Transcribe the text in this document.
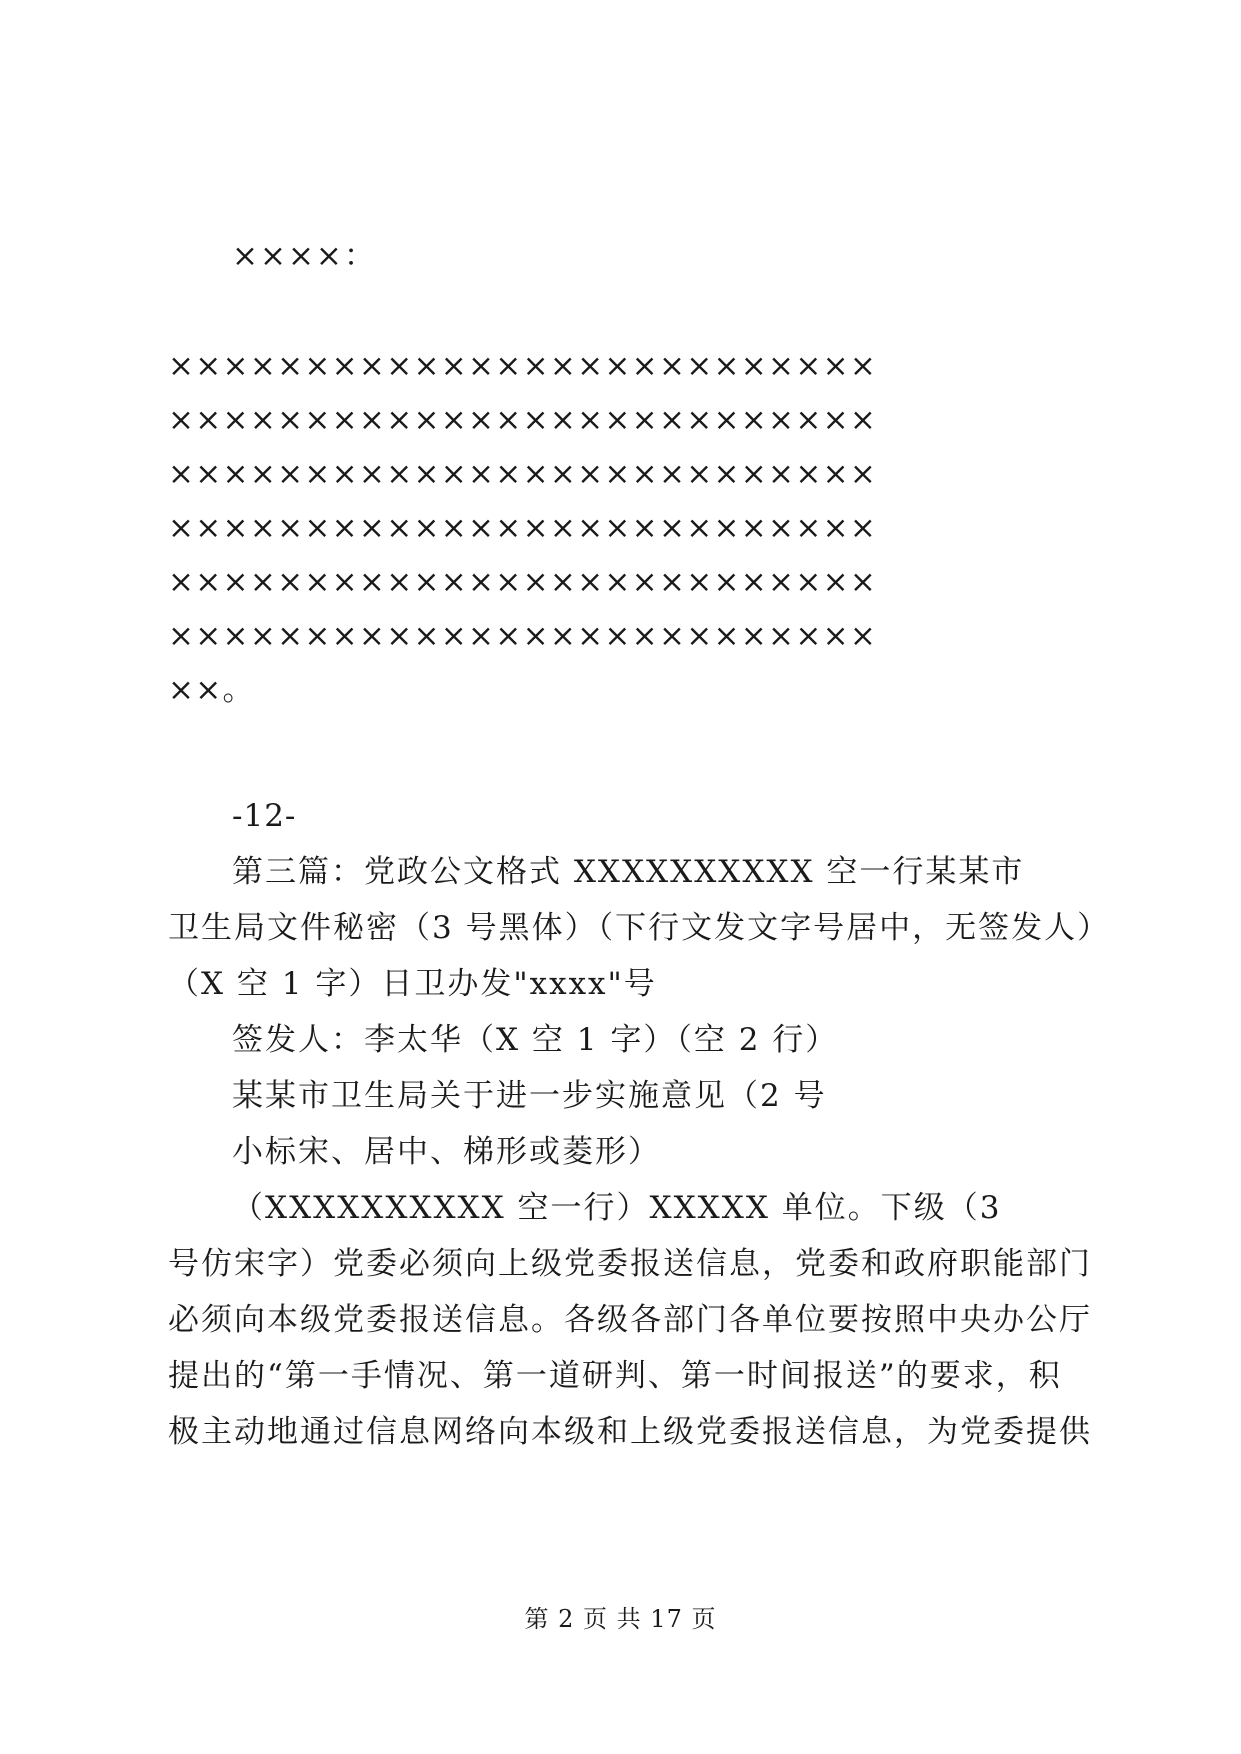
××××：
××××××××××××××××××××××××××
××××××××××××××××××××××××××
××××××××××××××××××××××××××
××××××××××××××××××××××××××
××××××××××××××××××××××××××
××××××××××××××××××××××××××
××。
-12-
第三篇：党政公文格式 XXXXXXXXXX 空一行某某市
卫生局文件秘密（3 号黑体）（下行文发文字号居中，无签发人）
（X 空 1 字）日卫办发"xxxx"号
签发人：李太华（X 空 1 字）（空 2 行）
某某市卫生局关于进一步实施意见（2 号
小标宋、居中、梯形或菱形）
（XXXXXXXXXX 空一行）XXXXX 单位。下级（3
号仿宋字）党委必须向上级党委报送信息，党委和政府职能部门
必须向本级党委报送信息。各级各部门各单位要按照中央办公厅
提出的“第一手情况、第一道研判、第一时间报送”的要求，积
极主动地通过信息网络向本级和上级党委报送信息，为党委提供
第 2 页 共 17 页
